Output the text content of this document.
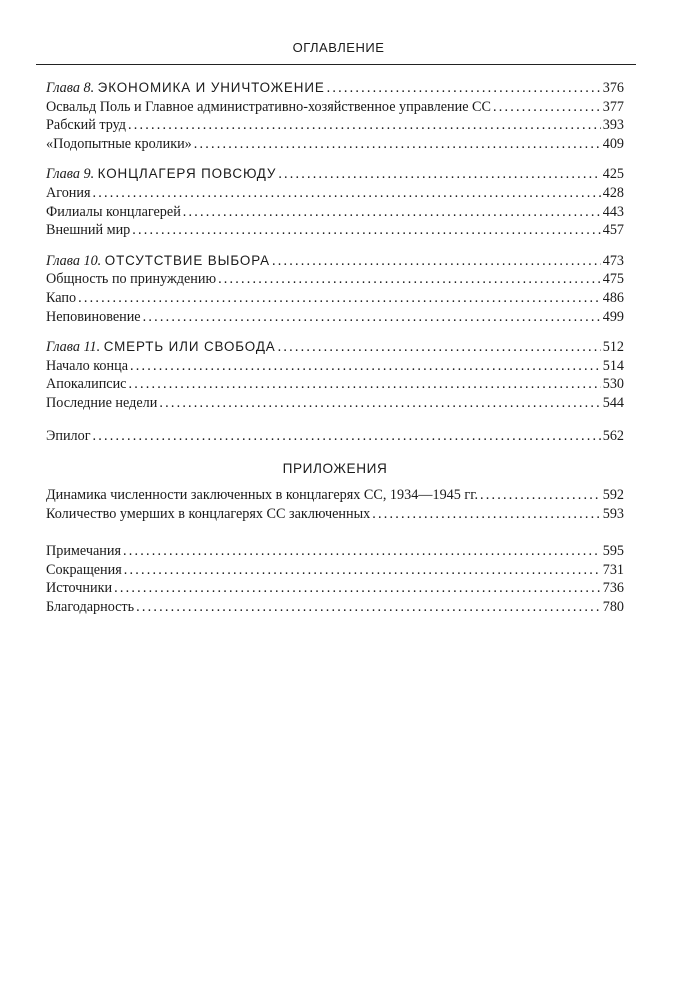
ОГЛАВЛЕНИЕ
Глава 8. ЭКОНОМИКА И УНИЧТОЖЕНИЕ .....	376
Освальд Поль и Главное административно-хозяйственное управление СС .....	377
Рабский труд .....	393
«Подопытные кролики» .....	409
Глава 9. КОНЦЛАГЕРЯ ПОВСЮДУ .....	425
Агония .....	428
Филиалы концлагерей .....	443
Внешний мир .....	457
Глава 10. ОТСУТСТВИЕ ВЫБОРА .....	473
Общность по принуждению .....	475
Капо .....	486
Неповиновение .....	499
Глава 11. СМЕРТЬ ИЛИ СВОБОДА .....	512
Начало конца .....	514
Апокалипсис .....	530
Последние недели .....	544
Эпилог .....	562
ПРИЛОЖЕНИЯ
Динамика численности заключенных в концлагерях СС, 1934—1945 гг. .....	592
Количество умерших в концлагерях СС заключенных .....	593
Примечания .....	595
Сокращения .....	731
Источники .....	736
Благодарность .....	780
